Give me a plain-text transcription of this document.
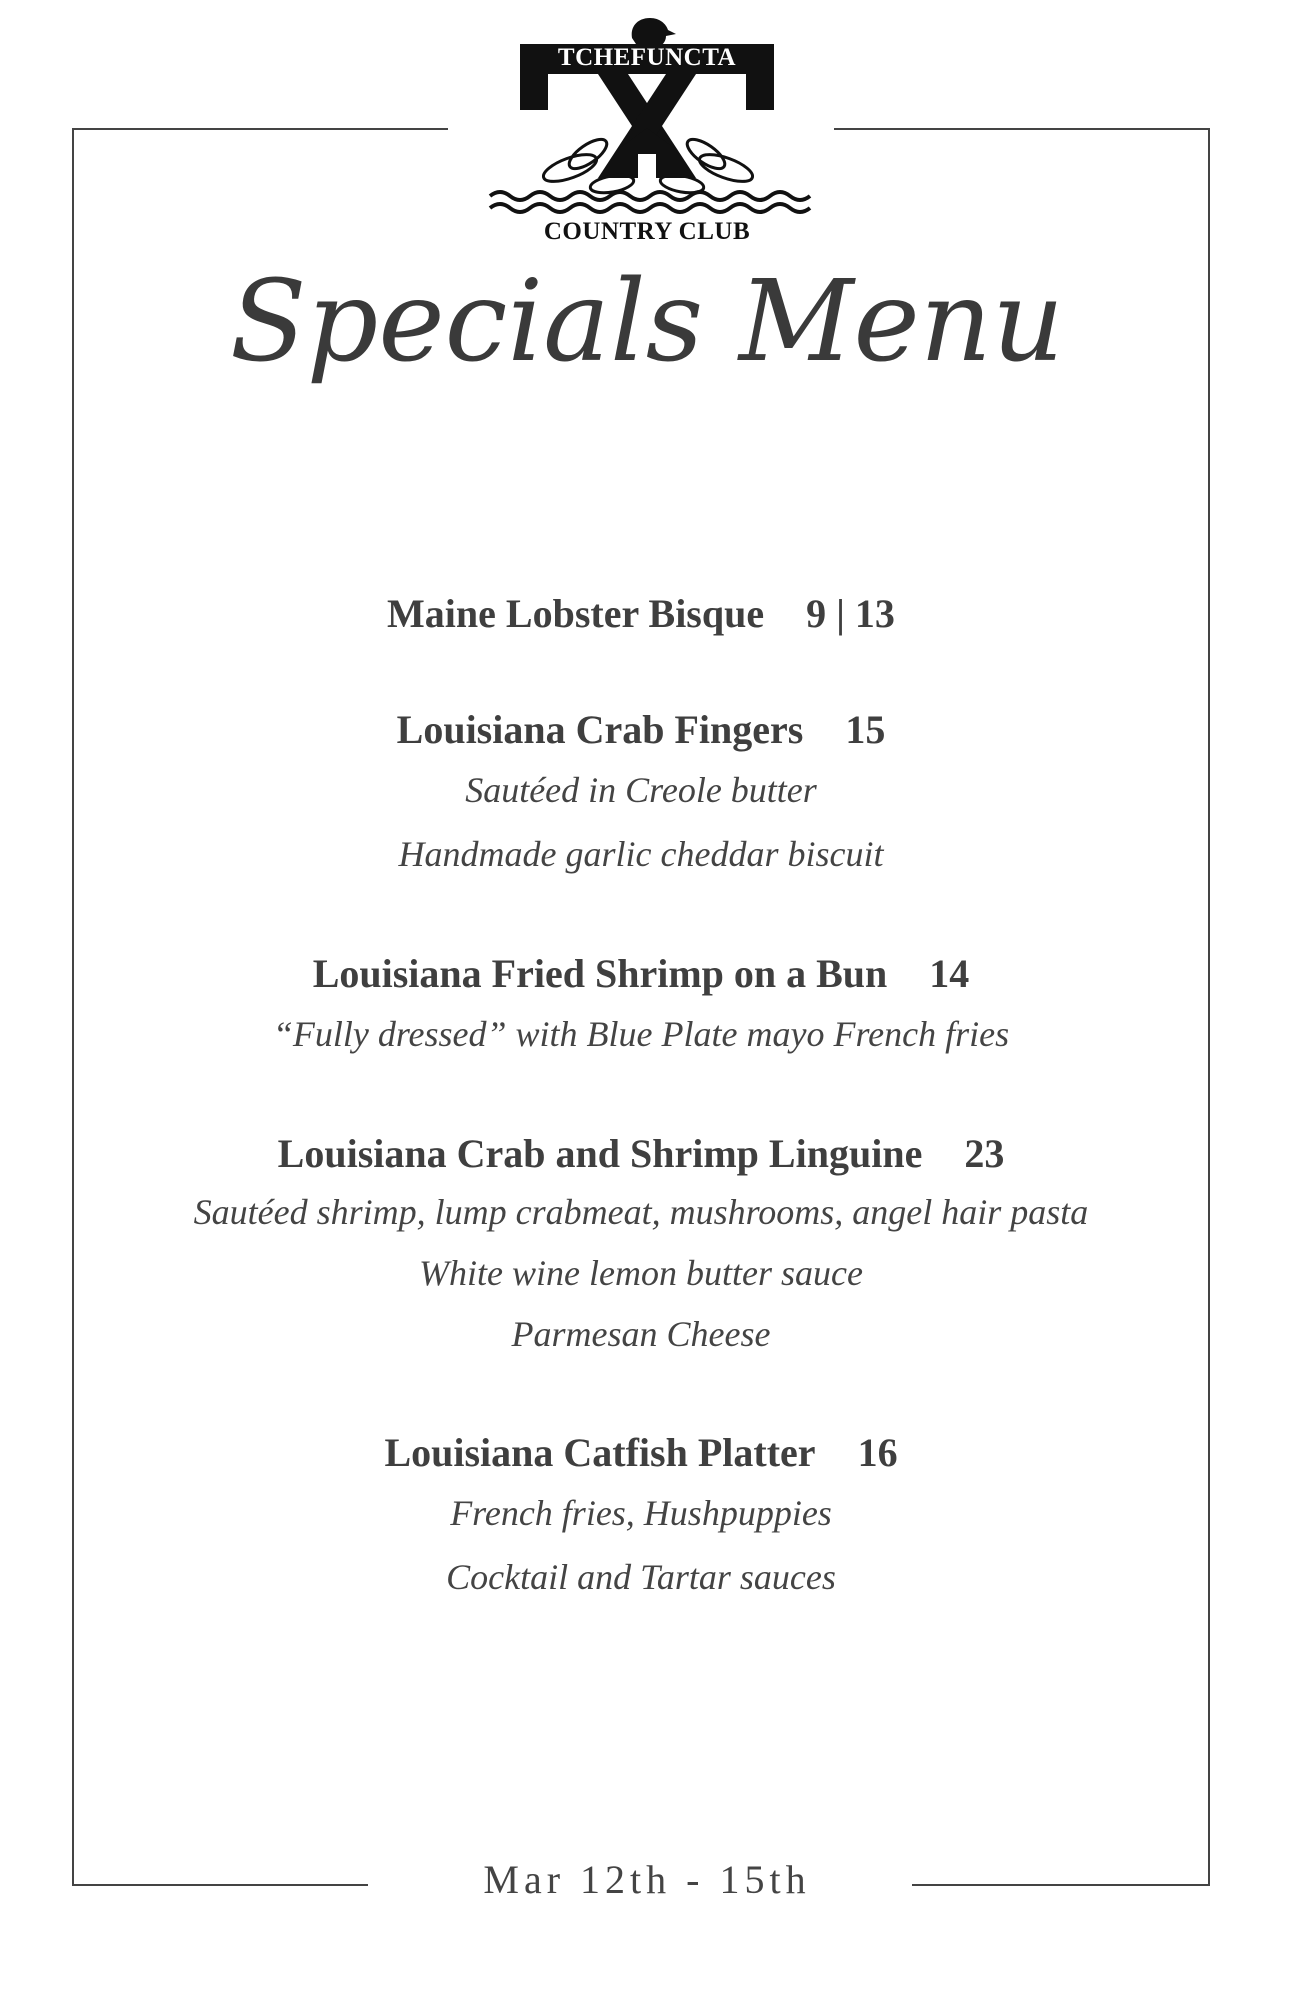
TCHEFUNCTA
COUNTRY CLUB
Specials Menu
Maine Lobster Bisque 9 | 13
Louisiana Crab Fingers 15
Sautéed in Creole butter
Handmade garlic cheddar biscuit
Louisiana Fried Shrimp on a Bun 14
“Fully dressed” with Blue Plate mayo French fries
Louisiana Crab and Shrimp Linguine 23
Sautéed shrimp, lump crabmeat, mushrooms, angel hair pasta
White wine lemon butter sauce
Parmesan Cheese
Louisiana Catfish Platter 16
French fries, Hushpuppies
Cocktail and Tartar sauces
Mar 12th - 15th
